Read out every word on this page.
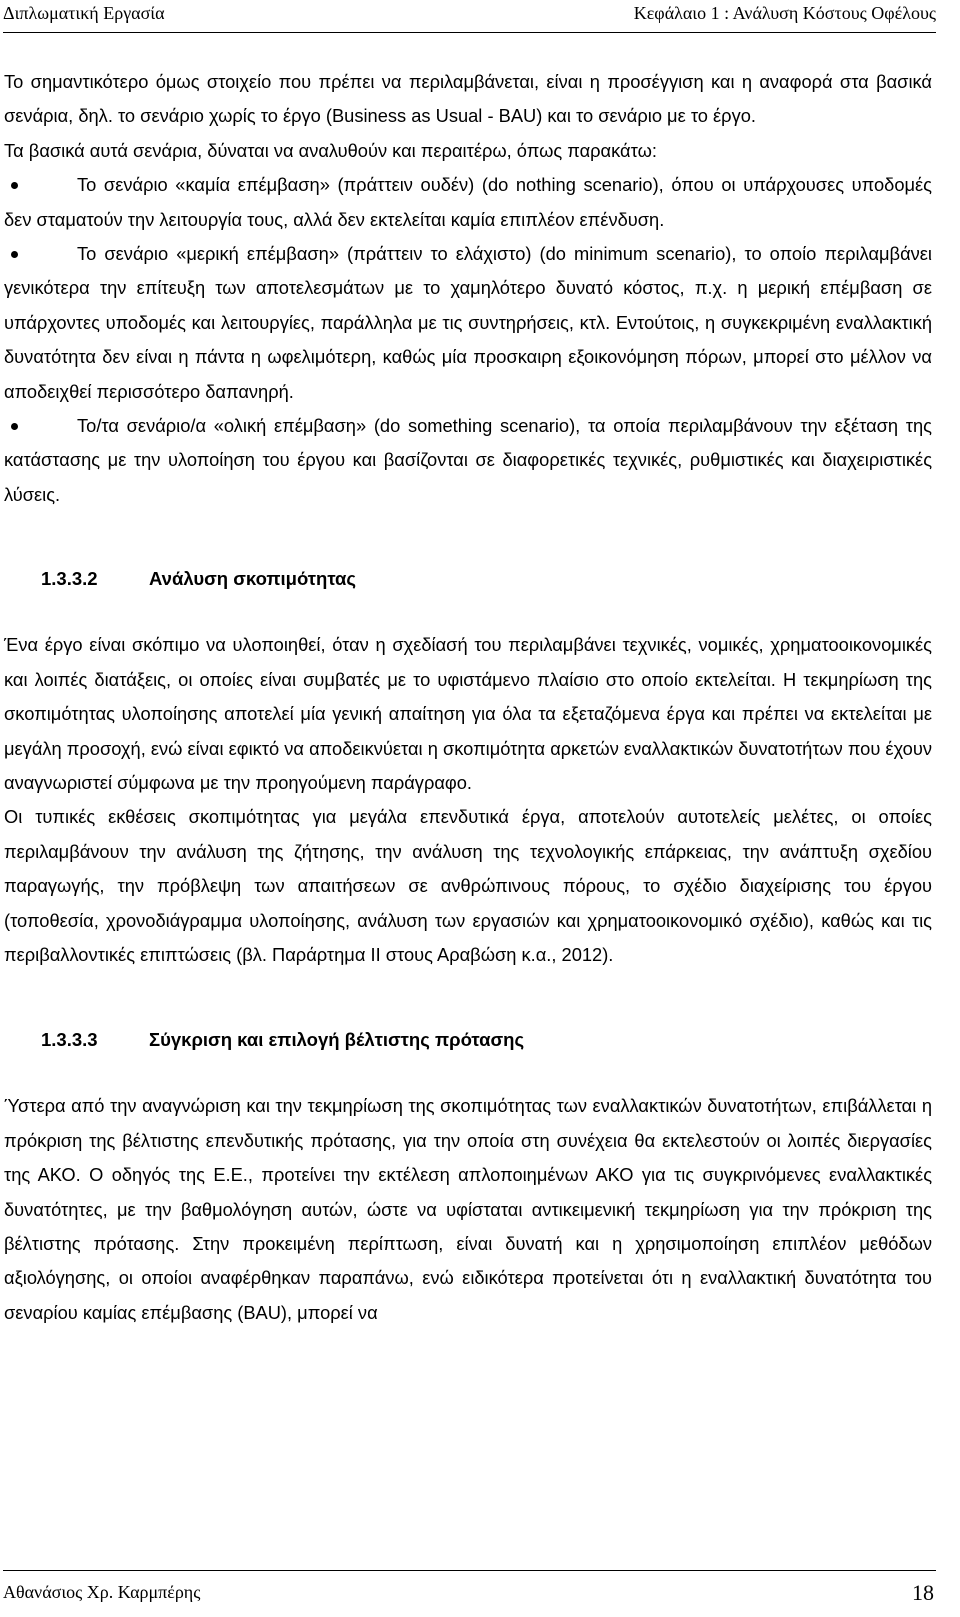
Διπλωματική Εργασία	Κεφάλαιο 1 : Ανάλυση Κόστους Οφέλους

Το σημαντικότερο όμως στοιχείο που πρέπει να περιλαμβάνεται, είναι η προσέγγιση και η αναφορά στα βασικά σενάρια, δηλ. το σενάριο χωρίς το έργο (Business as Usual - BAU) και το σενάριο με το έργο.

Τα βασικά αυτά σενάρια, δύναται να αναλυθούν και περαιτέρω, όπως παρακάτω:

Το σενάριο «καμία επέμβαση» (πράττειν ουδέν) (do nothing scenario), όπου οι υπάρχουσες υποδομές δεν σταματούν την λειτουργία τους, αλλά δεν εκτελείται καμία επιπλέον επένδυση.
Το σενάριο «μερική επέμβαση» (πράττειν το ελάχιστο) (do minimum scenario), το οποίο περιλαμβάνει γενικότερα την επίτευξη των αποτελεσμάτων με το χαμηλότερο δυνατό κόστος, π.χ. η μερική επέμβαση σε υπάρχοντες υποδομές και λειτουργίες, παράλληλα με τις συντηρήσεις, κτλ. Εντούτοις, η συγκεκριμένη εναλλακτική δυνατότητα δεν είναι η πάντα η ωφελιμότερη, καθώς μία πρoσκαιρη εξοικονόμηση πόρων, μπορεί στο μέλλον να αποδειχθεί περισσότερο δαπανηρή.
Το/τα σενάριο/α «ολική επέμβαση» (do something scenario), τα οποία περιλαμβάνουν την εξέταση της κατάστασης με την υλοποίηση του έργου και βασίζονται σε διαφορετικές τεχνικές, ρυθμιστικές και διαχειριστικές λύσεις.
1.3.3.2	Ανάλυση σκοπιμότητας

Ένα έργο είναι σκόπιμο να υλοποιηθεί, όταν η σχεδίασή του περιλαμβάνει τεχνικές, νομικές, χρηματοοικονομικές και λοιπές διατάξεις, οι οποίες είναι συμβατές με το υφιστάμενο πλαίσιο στο οποίο εκτελείται. Η τεκμηρίωση της σκοπιμότητας υλοποίησης αποτελεί μία γενική απαίτηση για όλα τα εξεταζόμενα έργα και πρέπει να εκτελείται με μεγάλη προσοχή, ενώ είναι εφικτό να αποδεικνύεται η σκοπιμότητα αρκετών εναλλακτικών δυνατοτήτων που έχουν αναγνωριστεί σύμφωνα με την προηγούμενη παράγραφο.

Οι τυπικές εκθέσεις σκοπιμότητας για μεγάλα επενδυτικά έργα, αποτελούν αυτοτελείς μελέτες, οι οποίες περιλαμβάνουν την ανάλυση της ζήτησης, την ανάλυση της τεχνολογικής επάρκειας, την ανάπτυξη σχεδίου παραγωγής, την πρόβλεψη των απαιτήσεων σε ανθρώπινους πόρους, το σχέδιο διαχείρισης του έργου (τοποθεσία, χρονοδιάγραμμα υλοποίησης, ανάλυση των εργασιών και χρηματοοικονομικό σχέδιο), καθώς και τις περιβαλλοντικές επιπτώσεις (βλ. Παράρτημα ΙΙ στους Αραβώση κ.α., 2012).

1.3.3.3	Σύγκριση και επιλογή βέλτιστης πρότασης

Ύστερα από την αναγνώριση και την τεκμηρίωση της σκοπιμότητας των εναλλακτικών δυνατοτήτων, επιβάλλεται η πρόκριση της βέλτιστης επενδυτικής πρότασης, για την οποία στη συνέχεια θα εκτελεστούν οι λοιπές διεργασίες της ΑΚΟ. Ο οδηγός της Ε.Ε., προτείνει την εκτέλεση απλοποιημένων ΑΚΟ για τις συγκρινόμενες εναλλακτικές δυνατότητες, με την βαθμολόγηση αυτών, ώστε να υφίσταται αντικειμενική τεκμηρίωση για την πρόκριση της βέλτιστης πρότασης. Στην προκειμένη περίπτωση, είναι δυνατή και η χρησιμοποίηση επιπλέον μεθόδων αξιολόγησης, οι οποίοι αναφέρθηκαν παραπάνω, ενώ ειδικότερα προτείνεται ότι η εναλλακτική δυνατότητα του σεναρίου καμίας επέμβασης (BAU), μπορεί να

Αθανάσιος Χρ. Καρμπέρης	18
